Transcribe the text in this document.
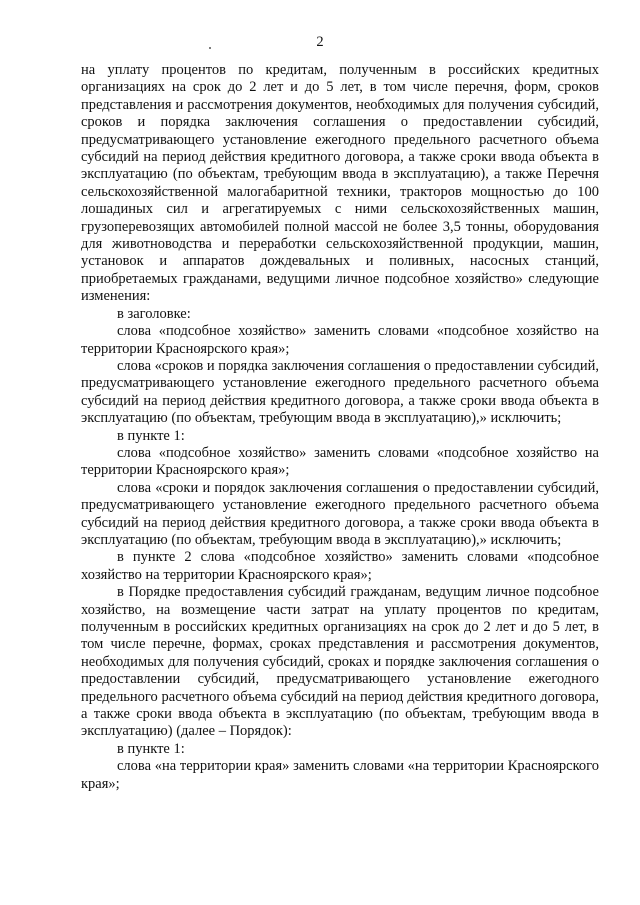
2

на уплату процентов по кредитам, полученным в российских кредитных организациях на срок до 2 лет и до 5 лет, в том числе перечня, форм, сроков представления и рассмотрения документов, необходимых для получения субсидий, сроков и порядка заключения соглашения о предоставлении субсидий, предусматривающего установление ежегодного предельного расчетного объема субсидий на период действия кредитного договора, а также сроки ввода объекта в эксплуатацию (по объектам, требующим ввода в эксплуатацию), а также Перечня сельскохозяйственной малогабаритной техники, тракторов мощностью до 100 лошадиных сил и агрегатируемых с ними сельскохозяйственных машин, грузоперевозящих автомобилей полной массой не более 3,5 тонны, оборудования для животноводства и переработки сельскохозяйственной продукции, машин, установок и аппаратов дождевальных и поливных, насосных станций, приобретаемых гражданами, ведущими личное подсобное хозяйство» следующие изменения:

в заголовке:

слова «подсобное хозяйство» заменить словами «подсобное хозяйство на территории Красноярского края»;

слова «сроков и порядка заключения соглашения о предоставлении субсидий, предусматривающего установление ежегодного предельного расчетного объема субсидий на период действия кредитного договора, а также сроки ввода объекта в эксплуатацию (по объектам, требующим ввода в эксплуатацию),» исключить;

в пункте 1:

слова «подсобное хозяйство» заменить словами «подсобное хозяйство на территории Красноярского края»;

слова «сроки и порядок заключения соглашения о предоставлении субсидий, предусматривающего установление ежегодного предельного расчетного объема субсидий на период действия кредитного договора, а также сроки ввода объекта в эксплуатацию (по объектам, требующим ввода в эксплуатацию),» исключить;

в пункте 2 слова «подсобное хозяйство» заменить словами «подсобное хозяйство на территории Красноярского края»;

в Порядке предоставления субсидий гражданам, ведущим личное подсобное хозяйство, на возмещение части затрат на уплату процентов по кредитам, полученным в российских кредитных организациях на срок до 2 лет и до 5 лет, в том числе перечне, формах, сроках представления и рассмотрения документов, необходимых для получения субсидий, сроках и порядке заключения соглашения о предоставлении субсидий, предусматривающего установление ежегодного предельного расчетного объема субсидий на период действия кредитного договора, а также сроки ввода объекта в эксплуатацию (по объектам, требующим ввода в эксплуатацию) (далее – Порядок):

в пункте 1:

слова «на территории края» заменить словами «на территории Красноярского края»;
